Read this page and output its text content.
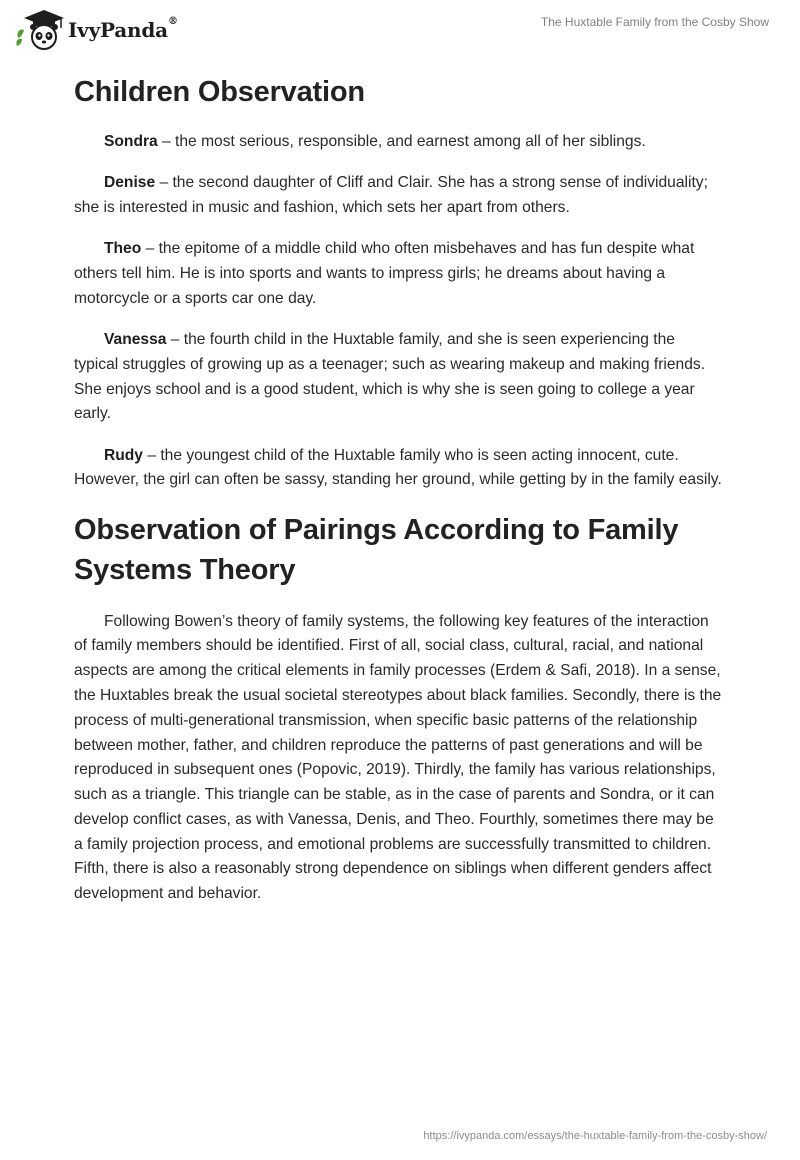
IvyPanda®	The Huxtable Family from the Cosby Show
Children Observation

Sondra – the most serious, responsible, and earnest among all of her siblings.

Denise – the second daughter of Cliff and Clair. She has a strong sense of individuality; she is interested in music and fashion, which sets her apart from others.

Theo – the epitome of a middle child who often misbehaves and has fun despite what others tell him. He is into sports and wants to impress girls; he dreams about having a motorcycle or a sports car one day.

Vanessa – the fourth child in the Huxtable family, and she is seen experiencing the typical struggles of growing up as a teenager; such as wearing makeup and making friends. She enjoys school and is a good student, which is why she is seen going to college a year early.

Rudy – the youngest child of the Huxtable family who is seen acting innocent, cute. However, the girl can often be sassy, standing her ground, while getting by in the family easily.

Observation of Pairings According to Family Systems Theory

Following Bowen’s theory of family systems, the following key features of the interaction of family members should be identified. First of all, social class, cultural, racial, and national aspects are among the critical elements in family processes (Erdem & Safi, 2018). In a sense, the Huxtables break the usual societal stereotypes about black families. Secondly, there is the process of multi-generational transmission, when specific basic patterns of the relationship between mother, father, and children reproduce the patterns of past generations and will be reproduced in subsequent ones (Popovic, 2019). Thirdly, the family has various relationships, such as a triangle. This triangle can be stable, as in the case of parents and Sondra, or it can develop conflict cases, as with Vanessa, Denis, and Theo. Fourthly, sometimes there may be a family projection process, and emotional problems are successfully transmitted to children. Fifth, there is also a reasonably strong dependence on siblings when different genders affect development and behavior.

https://ivypanda.com/essays/the-huxtable-family-from-the-cosby-show/
